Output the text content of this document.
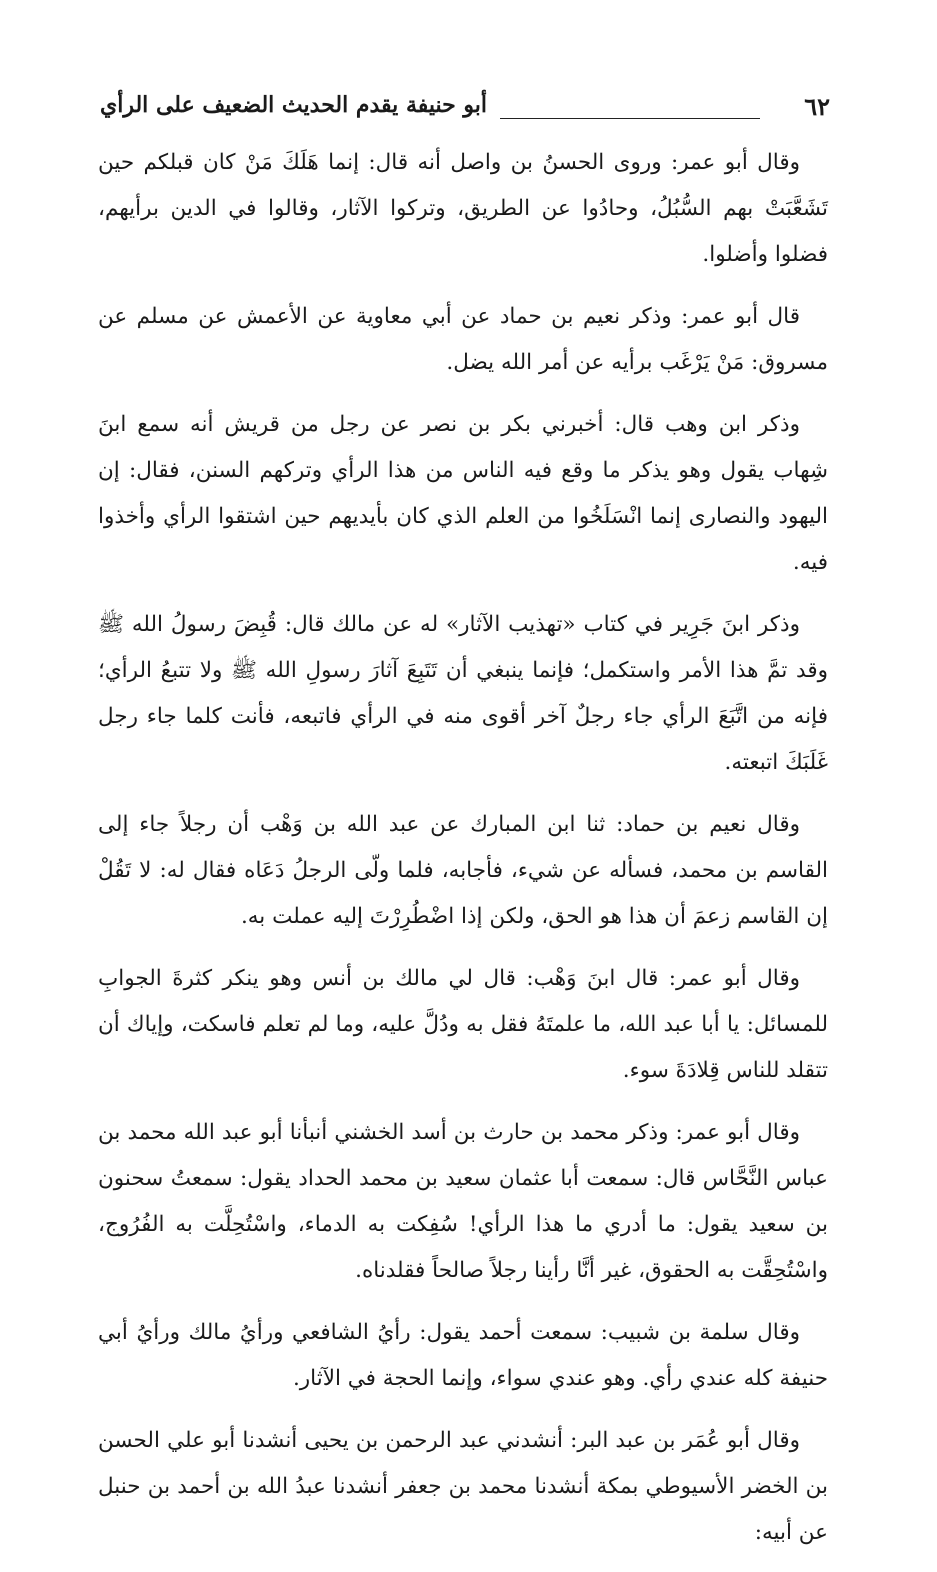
٦٢
أبو حنيفة يقدم الحديث الضعيف على الرأي

وقال أبو عمر: وروى الحسنُ بن واصل أنه قال: إنما هَلَكَ مَنْ كان قبلكم حين تَشَعَّبَتْ بهم السُّبُلُ، وحادُوا عن الطريق، وتركوا الآثار، وقالوا في الدين برأيهم، فضلوا وأضلوا.

قال أبو عمر: وذكر نعيم بن حماد عن أبي معاوية عن الأعمش عن مسلم عن مسروق: مَنْ يَرْغَب برأيه عن أمر الله يضل.

وذكر ابن وهب قال: أخبرني بكر بن نصر عن رجل من قريش أنه سمع ابنَ شِهاب يقول وهو يذكر ما وقع فيه الناس من هذا الرأي وتركهم السنن، فقال: إن اليهود والنصارى إنما انْسَلَخُوا من العلم الذي كان بأيديهم حين اشتقوا الرأي وأخذوا فيه.

وذكر ابنَ جَرِير في كتاب «تهذيب الآثار» له عن مالك قال: قُبِضَ رسولُ الله ﷺ وقد تمَّ هذا الأمر واستكمل؛ فإنما ينبغي أن تَتَبِعَ آثارَ رسولِ الله ﷺ ولا تتبعُ الرأي؛ فإنه من اتَّبَعَ الرأي جاء رجلٌ آخر أقوى منه في الرأي فاتبعه، فأنت كلما جاء رجل غَلَبَكَ اتبعته.

وقال نعيم بن حماد: ثنا ابن المبارك عن عبد الله بن وَهْب أن رجلاً جاء إلى القاسم بن محمد، فسأله عن شيء، فأجابه، فلما ولّى الرجلُ دَعَاه فقال له: لا تَقُلْ إن القاسم زعمَ أن هذا هو الحق، ولكن إذا اضْطُرِرْتَ إليه عملت به.

وقال أبو عمر: قال ابنَ وَهْب: قال لي مالك بن أنس وهو ينكر كثرةَ الجوابِ للمسائل: يا أبا عبد الله، ما علمتَهُ فقل به ودُلَّ عليه، وما لم تعلم فاسكت، وإياك أن تتقلد للناس قِلادَةَ سوء.

وقال أبو عمر: وذكر محمد بن حارث بن أسد الخشني أنبأنا أبو عبد الله محمد بن عباس النَّحَّاس قال: سمعت أبا عثمان سعيد بن محمد الحداد يقول: سمعتُ سحنون بن سعيد يقول: ما أدري ما هذا الرأي! سُفِكت به الدماء، واسْتُحِلَّت به الفُرُوج، واسْتُحِقَّت به الحقوق، غير أنَّا رأينا رجلاً صالحاً فقلدناه.

وقال سلمة بن شبيب: سمعت أحمد يقول: رأيُ الشافعي ورأيُ مالك ورأيُ أبي حنيفة كله عندي رأي. وهو عندي سواء، وإنما الحجة في الآثار.

وقال أبو عُمَر بن عبد البر: أنشدني عبد الرحمن بن يحيى أنشدنا أبو علي الحسن بن الخضر الأسيوطي بمكة أنشدنا محمد بن جعفر أنشدنا عبدُ الله بن أحمد بن حنبل عن أبيه:
